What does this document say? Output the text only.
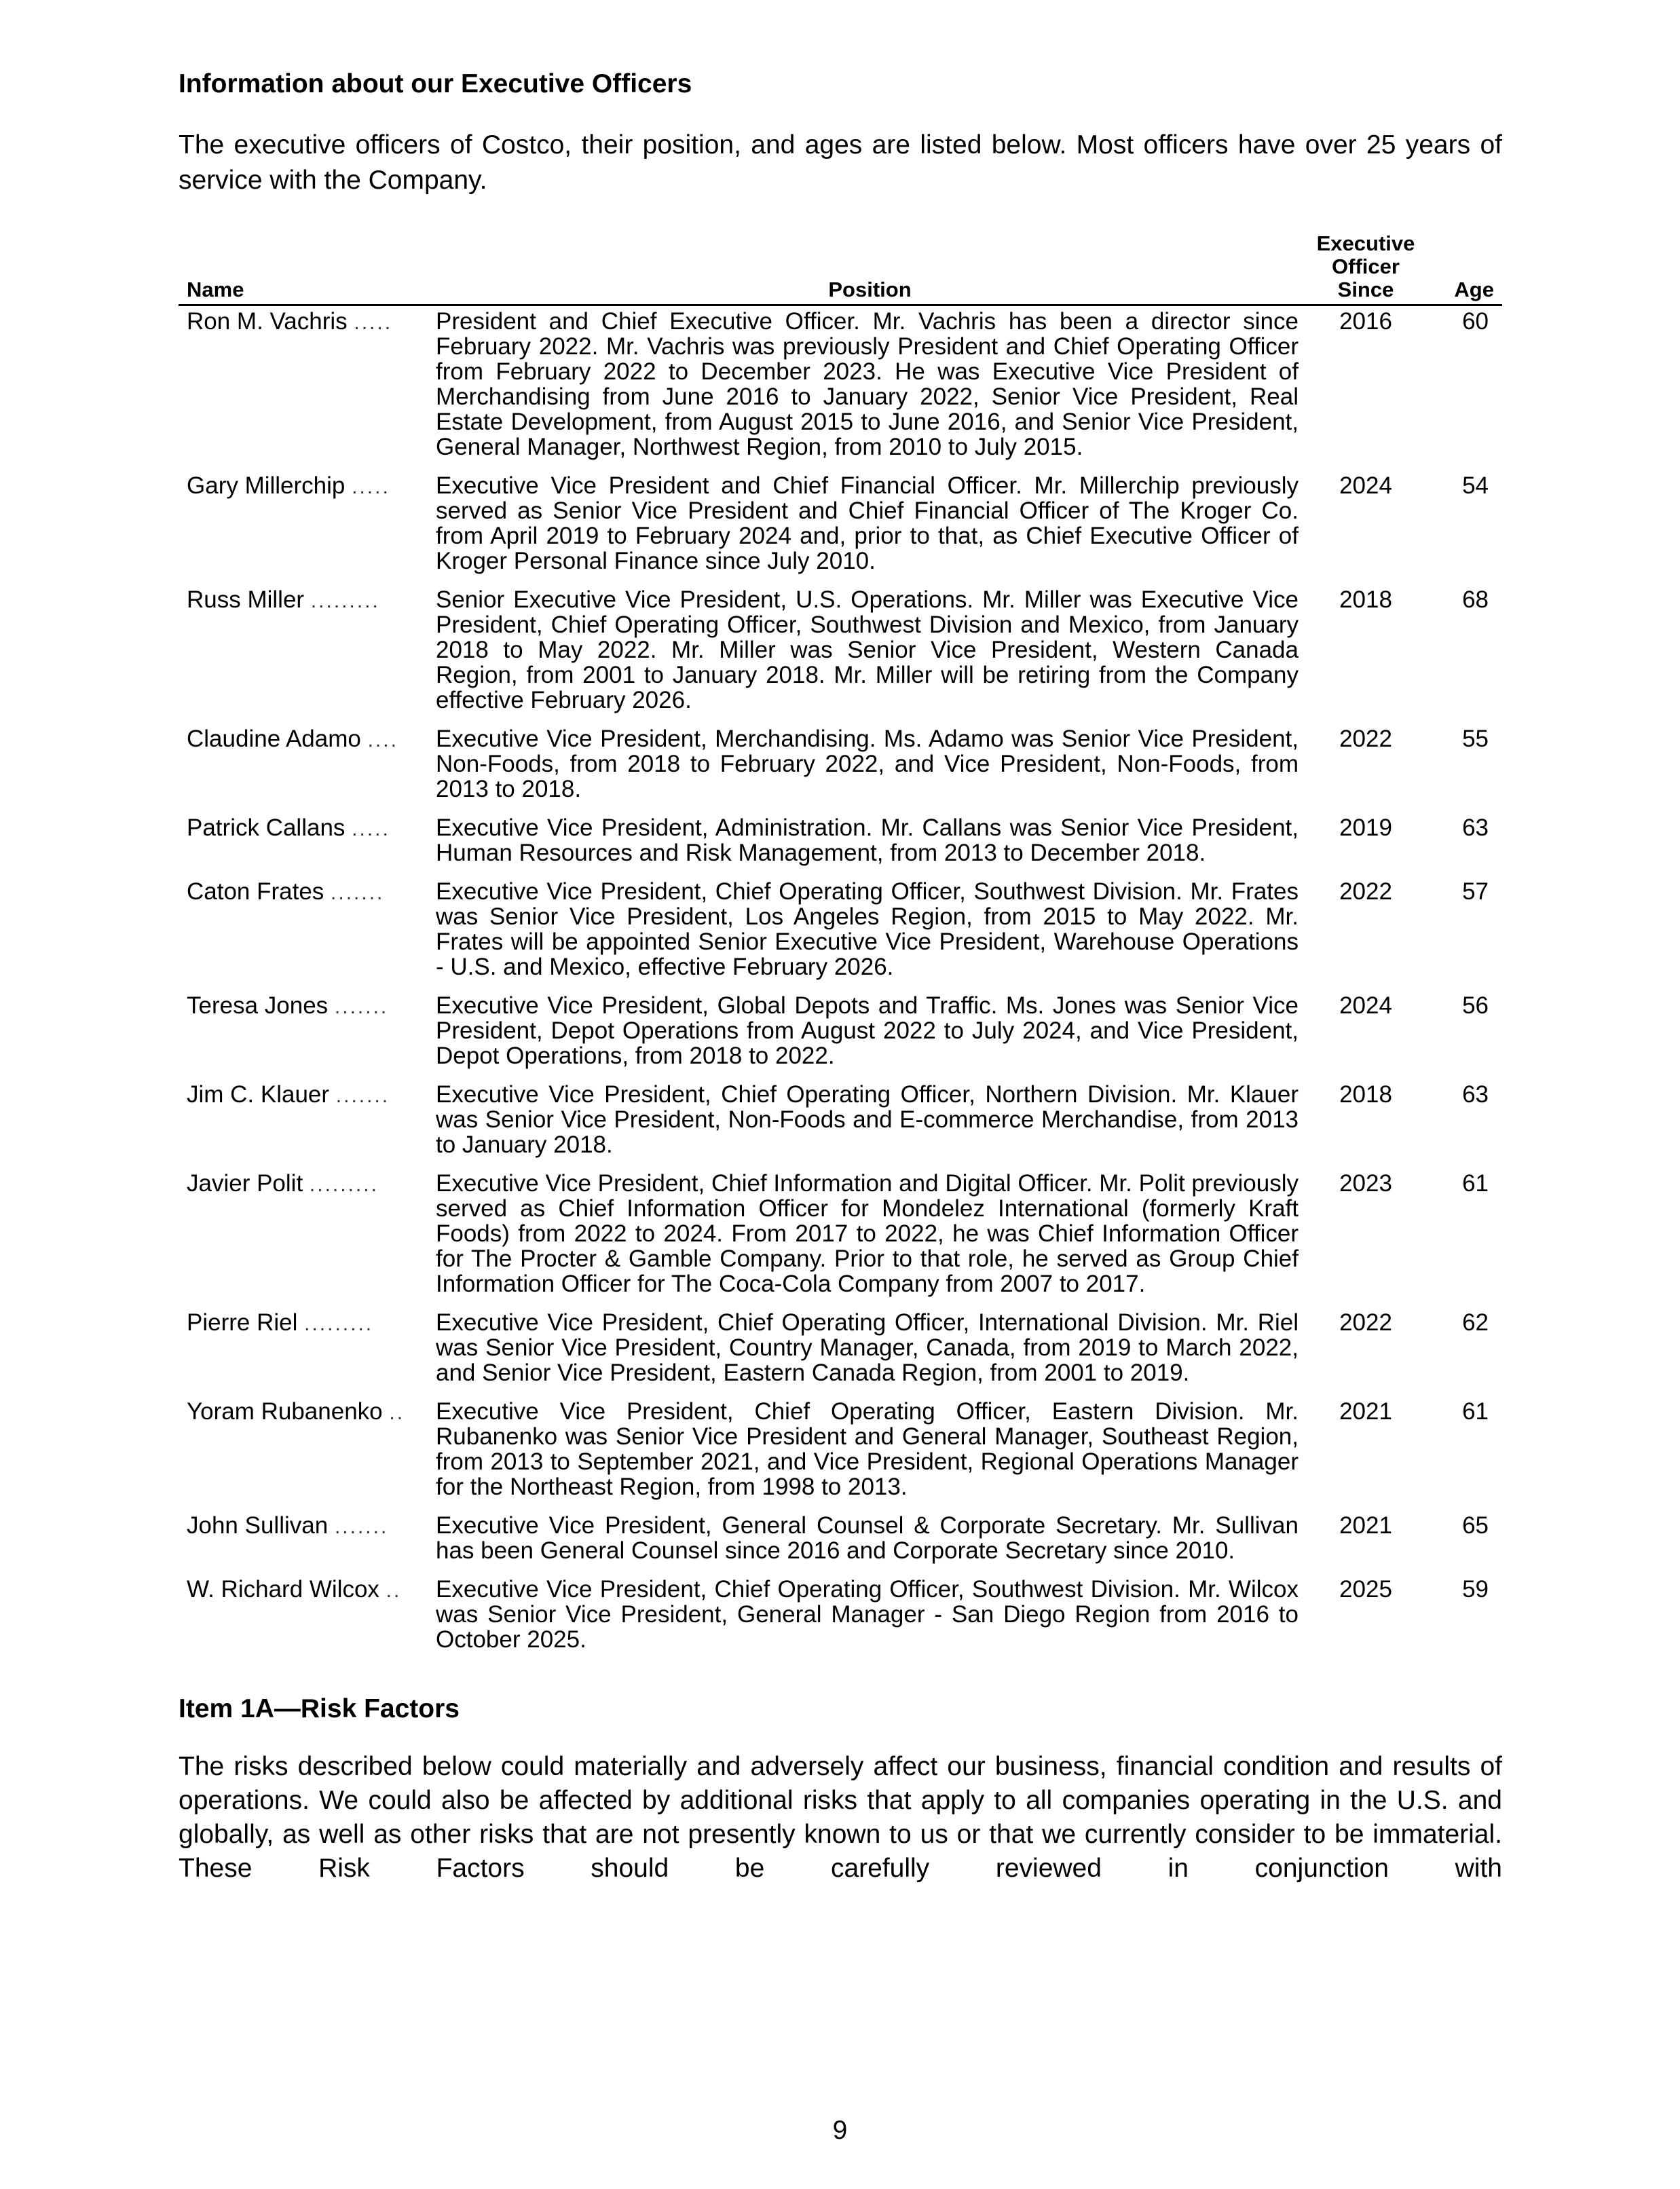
Information about our Executive Officers

The executive officers of Costco, their position, and ages are listed below. Most officers have over 25 years of service with the Company.

Name	Position	Executive
Officer
Since	Age
Ron M. Vachris .....	President and Chief Executive Officer. Mr. Vachris has been a director since February 2022. Mr. Vachris was previously President and Chief Operating Officer from February 2022 to December 2023. He was Executive Vice President of Merchandising from June 2016 to January 2022, Senior Vice President, Real Estate Development, from August 2015 to June 2016, and Senior Vice President, General Manager, Northwest Region, from 2010 to July 2015.	2016	60
Gary Millerchip .....	Executive Vice President and Chief Financial Officer. Mr. Millerchip previously served as Senior Vice President and Chief Financial Officer of The Kroger Co. from April 2019 to February 2024 and, prior to that, as Chief Executive Officer of Kroger Personal Finance since July 2010.	2024	54
Russ Miller .........	Senior Executive Vice President, U.S. Operations. Mr. Miller was Executive Vice President, Chief Operating Officer, Southwest Division and Mexico, from January 2018 to May 2022. Mr. Miller was Senior Vice President, Western Canada Region, from 2001 to January 2018. Mr. Miller will be retiring from the Company effective February 2026.	2018	68
Claudine Adamo ....	Executive Vice President, Merchandising. Ms. Adamo was Senior Vice President, Non-Foods, from 2018 to February 2022, and Vice President, Non-Foods, from 2013 to 2018.	2022	55
Patrick Callans .....	Executive Vice President, Administration. Mr. Callans was Senior Vice President, Human Resources and Risk Management, from 2013 to December 2018.	2019	63
Caton Frates .......	Executive Vice President, Chief Operating Officer, Southwest Division. Mr. Frates was Senior Vice President, Los Angeles Region, from 2015 to May 2022. Mr. Frates will be appointed Senior Executive Vice President, Warehouse Operations - U.S. and Mexico, effective February 2026.	2022	57
Teresa Jones .......	Executive Vice President, Global Depots and Traffic. Ms. Jones was Senior Vice President, Depot Operations from August 2022 to July 2024, and Vice President, Depot Operations, from 2018 to 2022.	2024	56
Jim C. Klauer .......	Executive Vice President, Chief Operating Officer, Northern Division. Mr. Klauer was Senior Vice President, Non-Foods and E-commerce Merchandise, from 2013 to January 2018.	2018	63
Javier Polit .........	Executive Vice President, Chief Information and Digital Officer. Mr. Polit previously served as Chief Information Officer for Mondelez International (formerly Kraft Foods) from 2022 to 2024. From 2017 to 2022, he was Chief Information Officer for The Procter & Gamble Company. Prior to that role, he served as Group Chief Information Officer for The Coca-Cola Company from 2007 to 2017.	2023	61
Pierre Riel .........	Executive Vice President, Chief Operating Officer, International Division. Mr. Riel was Senior Vice President, Country Manager, Canada, from 2019 to March 2022, and Senior Vice President, Eastern Canada Region, from 2001 to 2019.	2022	62
Yoram Rubanenko ..	Executive Vice President, Chief Operating Officer, Eastern Division. Mr. Rubanenko was Senior Vice President and General Manager, Southeast Region, from 2013 to September 2021, and Vice President, Regional Operations Manager for the Northeast Region, from 1998 to 2013.	2021	61
John Sullivan .......	Executive Vice President, General Counsel & Corporate Secretary. Mr. Sullivan has been General Counsel since 2016 and Corporate Secretary since 2010.	2021	65
W. Richard Wilcox ..	Executive Vice President, Chief Operating Officer, Southwest Division. Mr. Wilcox was Senior Vice President, General Manager - San Diego Region from 2016 to October 2025.	2025	59
Item 1A—Risk Factors

The risks described below could materially and adversely affect our business, financial condition and results of operations. We could also be affected by additional risks that apply to all companies operating in the U.S. and globally, as well as other risks that are not presently known to us or that we currently consider to be immaterial. These Risk Factors should be carefully reviewed in conjunction with

9
